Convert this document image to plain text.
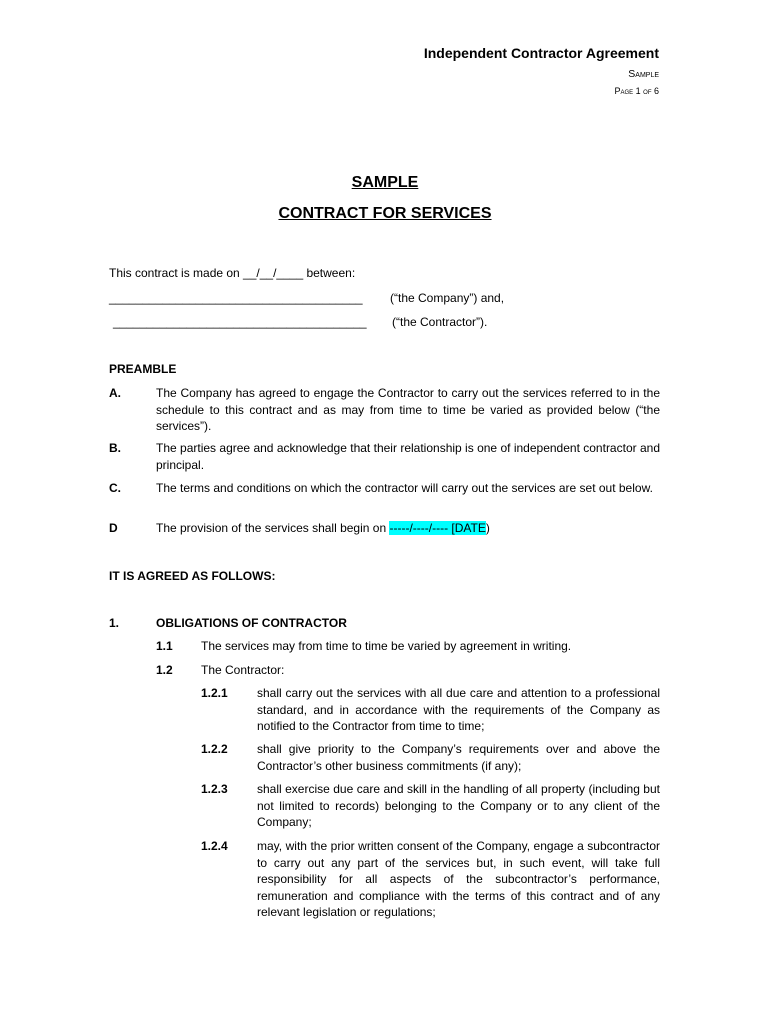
Independent Contractor Agreement
Sample
Page 1 of 6
SAMPLE
CONTRACT FOR SERVICES
This contract is made on __/__/____ between:
______________________________________ (“the Company”) and,
______________________________________ (“the Contractor”).
PREAMBLE
A.	The Company has agreed to engage the Contractor to carry out the services referred to in the schedule to this contract and as may from time to time be varied as provided below (“the services”).
B.	The parties agree and acknowledge that their relationship is one of independent contractor and principal.
C.	The terms and conditions on which the contractor will carry out the services are set out below.
D	The provision of the services shall begin on -----/----/---- [DATE)
IT IS AGREED AS FOLLOWS:
1.	OBLIGATIONS OF CONTRACTOR
1.1 The services may from time to time be varied by agreement in writing.
1.2 The Contractor:
1.2.1 shall carry out the services with all due care and attention to a professional standard, and in accordance with the requirements of the Company as notified to the Contractor from time to time;
1.2.2 shall give priority to the Company’s requirements over and above the Contractor’s other business commitments (if any);
1.2.3 shall exercise due care and skill in the handling of all property (including but not limited to records) belonging to the Company or to any client of the Company;
1.2.4 may, with the prior written consent of the Company, engage a subcontractor to carry out any part of the services but, in such event, will take full responsibility for all aspects of the subcontractor’s performance, remuneration and compliance with the terms of this contract and of any relevant legislation or regulations;
